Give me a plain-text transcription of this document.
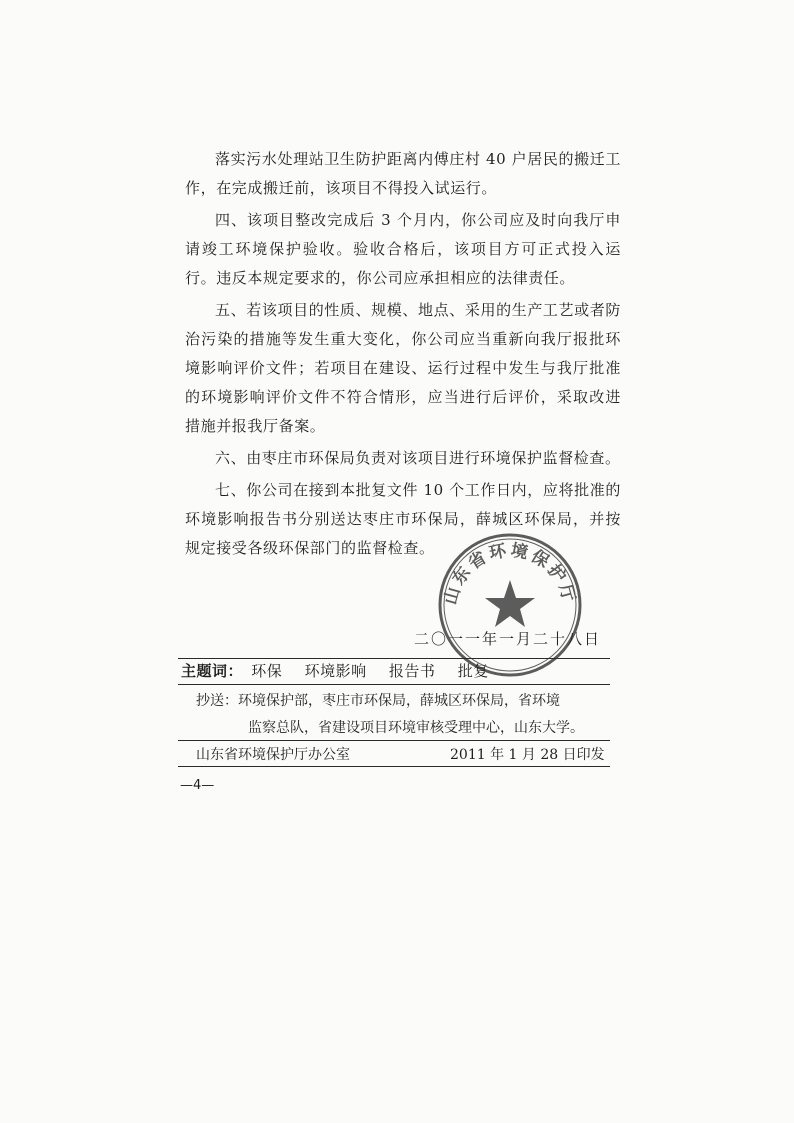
落实污水处理站卫生防护距离内傅庄村 40 户居民的搬迁工作，在完成搬迁前，该项目不得投入试运行。

四、该项目整改完成后 3 个月内，你公司应及时向我厅申请竣工环境保护验收。验收合格后，该项目方可正式投入运行。违反本规定要求的，你公司应承担相应的法律责任。

五、若该项目的性质、规模、地点、采用的生产工艺或者防治污染的措施等发生重大变化，你公司应当重新向我厅报批环境影响评价文件；若项目在建设、运行过程中发生与我厅批准的环境影响评价文件不符合情形，应当进行后评价，采取改进措施并报我厅备案。

六、由枣庄市环保局负责对该项目进行环境保护监督检查。

七、你公司在接到本批复文件 10 个工作日内，应将批准的环境影响报告书分别送达枣庄市环保局，薛城区环保局，并按规定接受各级环保部门的监督检查。

山东省环境保护厅
二〇一一年一月二十八日
主题词： 环保 环境影响 报告书 批复
抄送：环境保护部，枣庄市环保局，薛城区环保局，省环境
监察总队，省建设项目环境审核受理中心，山东大学。
山东省环境保护厅办公室	2011 年 1 月 28 日印发
—4—
